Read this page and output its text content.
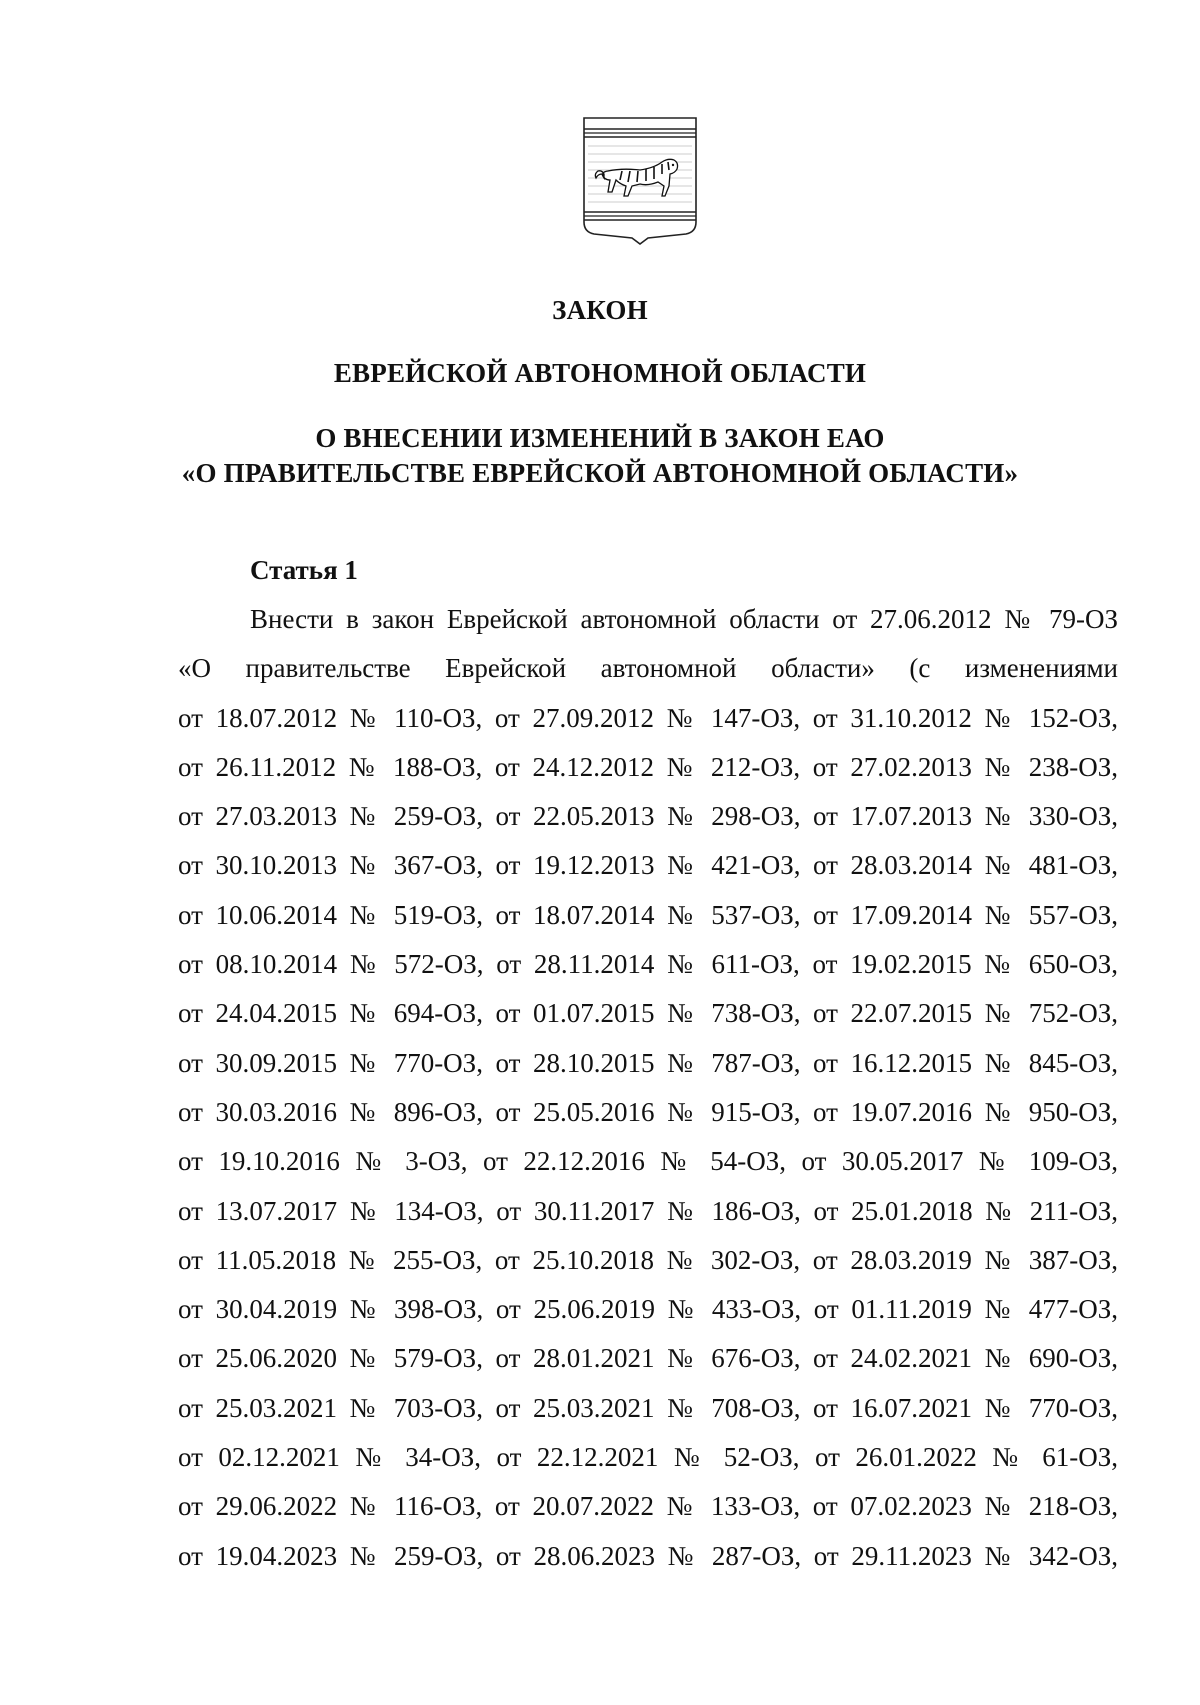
ЗАКОН
ЕВРЕЙСКОЙ АВТОНОМНОЙ ОБЛАСТИ
О ВНЕСЕНИИ ИЗМЕНЕНИЙ В ЗАКОН ЕАО
«О ПРАВИТЕЛЬСТВЕ ЕВРЕЙСКОЙ АВТОНОМНОЙ ОБЛАСТИ»
Статья 1
Внести в закон Еврейской автономной области от 27.06.2012 № 79-ОЗ
«О правительстве Еврейской автономной области» (с изменениями
от 18.07.2012 № 110-ОЗ, от 27.09.2012 № 147-ОЗ, от 31.10.2012 № 152-ОЗ,
от 26.11.2012 № 188-ОЗ, от 24.12.2012 № 212-ОЗ, от 27.02.2013 № 238-ОЗ,
от 27.03.2013 № 259-ОЗ, от 22.05.2013 № 298-ОЗ, от 17.07.2013 № 330-ОЗ,
от 30.10.2013 № 367-ОЗ, от 19.12.2013 № 421-ОЗ, от 28.03.2014 № 481-ОЗ,
от 10.06.2014 № 519-ОЗ, от 18.07.2014 № 537-ОЗ, от 17.09.2014 № 557-ОЗ,
от 08.10.2014 № 572-ОЗ, от 28.11.2014 № 611-ОЗ, от 19.02.2015 № 650-ОЗ,
от 24.04.2015 № 694-ОЗ, от 01.07.2015 № 738-ОЗ, от 22.07.2015 № 752-ОЗ,
от 30.09.2015 № 770-ОЗ, от 28.10.2015 № 787-ОЗ, от 16.12.2015 № 845-ОЗ,
от 30.03.2016 № 896-ОЗ, от 25.05.2016 № 915-ОЗ, от 19.07.2016 № 950-ОЗ,
от 19.10.2016 № 3-ОЗ, от 22.12.2016 № 54-ОЗ, от 30.05.2017 № 109-ОЗ,
от 13.07.2017 № 134-ОЗ, от 30.11.2017 № 186-ОЗ, от 25.01.2018 № 211-ОЗ,
от 11.05.2018 № 255-ОЗ, от 25.10.2018 № 302-ОЗ, от 28.03.2019 № 387-ОЗ,
от 30.04.2019 № 398-ОЗ, от 25.06.2019 № 433-ОЗ, от 01.11.2019 № 477-ОЗ,
от 25.06.2020 № 579-ОЗ, от 28.01.2021 № 676-ОЗ, от 24.02.2021 № 690-ОЗ,
от 25.03.2021 № 703-ОЗ, от 25.03.2021 № 708-ОЗ, от 16.07.2021 № 770-ОЗ,
от 02.12.2021 № 34-ОЗ, от 22.12.2021 № 52-ОЗ, от 26.01.2022 № 61-ОЗ,
от 29.06.2022 № 116-ОЗ, от 20.07.2022 № 133-ОЗ, от 07.02.2023 № 218-ОЗ,
от 19.04.2023 № 259-ОЗ, от 28.06.2023 № 287-ОЗ, от 29.11.2023 № 342-ОЗ,
